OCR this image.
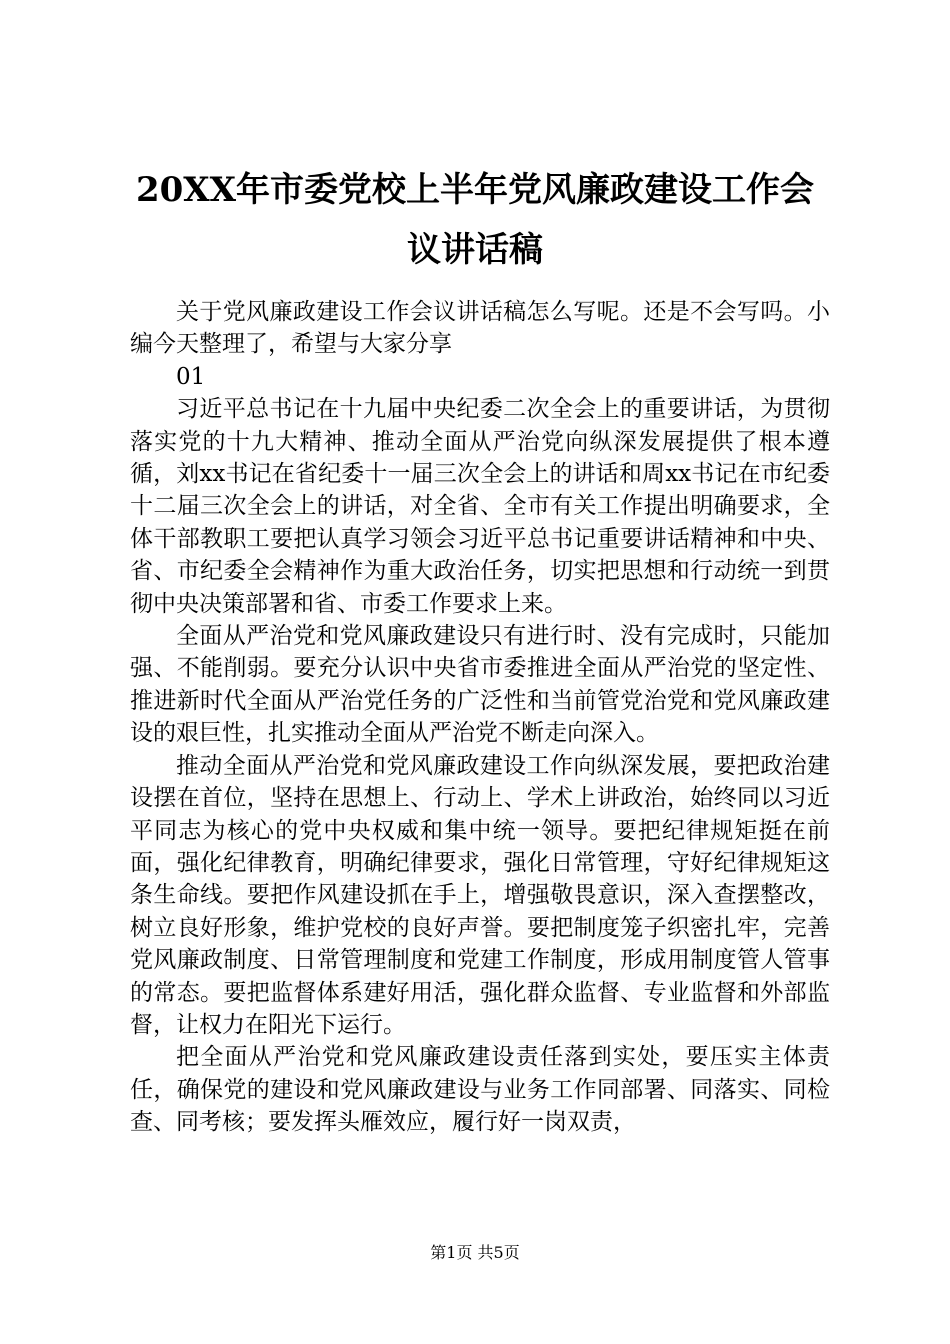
20XX年市委党校上半年党风廉政建设工作会
议讲话稿

关于党风廉政建设工作会议讲话稿怎么写呢。还是不会写吗。小编今天整理了，希望与大家分享

01

习近平总书记在十九届中央纪委二次全会上的重要讲话，为贯彻落实党的十九大精神、推动全面从严治党向纵深发展提供了根本遵循，刘xx书记在省纪委十一届三次全会上的讲话和周xx书记在市纪委十二届三次全会上的讲话，对全省、全市有关工作提出明确要求，全体干部教职工要把认真学习领会习近平总书记重要讲话精神和中央、省、市纪委全会精神作为重大政治任务，切实把思想和行动统一到贯彻中央决策部署和省、市委工作要求上来。

全面从严治党和党风廉政建设只有进行时、没有完成时，只能加强、不能削弱。要充分认识中央省市委推进全面从严治党的坚定性、推进新时代全面从严治党任务的广泛性和当前管党治党和党风廉政建设的艰巨性，扎实推动全面从严治党不断走向深入。

推动全面从严治党和党风廉政建设工作向纵深发展，要把政治建设摆在首位，坚持在思想上、行动上、学术上讲政治，始终同以习近平同志为核心的党中央权威和集中统一领导。要把纪律规矩挺在前面，强化纪律教育，明确纪律要求，强化日常管理，守好纪律规矩这条生命线。要把作风建设抓在手上，增强敬畏意识，深入查摆整改，树立良好形象，维护党校的良好声誉。要把制度笼子织密扎牢，完善党风廉政制度、日常管理制度和党建工作制度，形成用制度管人管事的常态。要把监督体系建好用活，强化群众监督、专业监督和外部监督，让权力在阳光下运行。

把全面从严治党和党风廉政建设责任落到实处，要压实主体责任，确保党的建设和党风廉政建设与业务工作同部署、同落实、同检查、同考核；要发挥头雁效应，履行好一岗双责，

第1页 共5页
